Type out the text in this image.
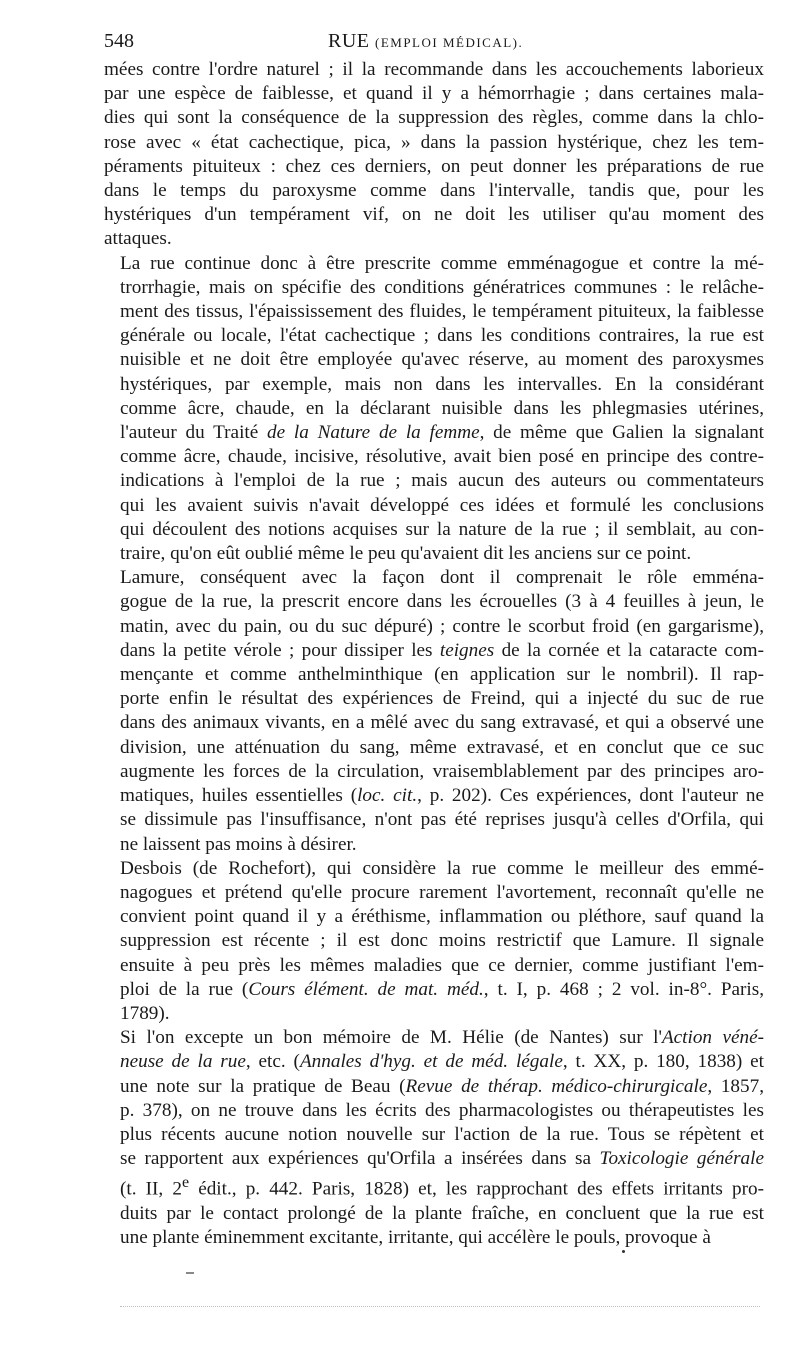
548	RUE (EMPLOI MÉDICAL).

mées contre l'ordre naturel ; il la recommande dans les accouchements laborieux
par une espèce de faiblesse, et quand il y a hémorrhagie ; dans certaines mala-
dies qui sont la conséquence de la suppression des règles, comme dans la chlo-
rose avec « état cachectique, pica, » dans la passion hystérique, chez les tem-
péraments pituiteux : chez ces derniers, on peut donner les préparations de rue
dans le temps du paroxysme comme dans l'intervalle, tandis que, pour les
hystériques d'un tempérament vif, on ne doit les utiliser qu'au moment des
attaques.

La rue continue donc à être prescrite comme emménagogue et contre la mé-
trorrhagie, mais on spécifie des conditions génératrices communes : le relâche-
ment des tissus, l'épaississement des fluides, le tempérament pituiteux, la faiblesse
générale ou locale, l'état cachectique ; dans les conditions contraires, la rue est
nuisible et ne doit être employée qu'avec réserve, au moment des paroxysmes
hystériques, par exemple, mais non dans les intervalles. En la considérant
comme âcre, chaude, en la déclarant nuisible dans les phlegmasies utérines,
l'auteur du Traité de la Nature de la femme, de même que Galien la signalant
comme âcre, chaude, incisive, résolutive, avait bien posé en principe des contre-
indications à l'emploi de la rue ; mais aucun des auteurs ou commentateurs
qui les avaient suivis n'avait développé ces idées et formulé les conclusions
qui découlent des notions acquises sur la nature de la rue ; il semblait, au con-
traire, qu'on eût oublié même le peu qu'avaient dit les anciens sur ce point.

Lamure, conséquent avec la façon dont il comprenait le rôle emména-
gogue de la rue, la prescrit encore dans les écrouelles (3 à 4 feuilles à jeun, le
matin, avec du pain, ou du suc dépuré) ; contre le scorbut froid (en gargarisme),
dans la petite vérole ; pour dissiper les teignes de la cornée et la cataracte com-
mençante et comme anthelminthique (en application sur le nombril). Il rap-
porte enfin le résultat des expériences de Freind, qui a injecté du suc de rue
dans des animaux vivants, en a mêlé avec du sang extravasé, et qui a observé une
division, une atténuation du sang, même extravasé, et en conclut que ce suc
augmente les forces de la circulation, vraisemblablement par des principes aro-
matiques, huiles essentielles (loc. cit., p. 202). Ces expériences, dont l'auteur ne
se dissimule pas l'insuffisance, n'ont pas été reprises jusqu'à celles d'Orfila, qui
ne laissent pas moins à désirer.

Desbois (de Rochefort), qui considère la rue comme le meilleur des emmé-
nagogues et prétend qu'elle procure rarement l'avortement, reconnaît qu'elle ne
convient point quand il y a éréthisme, inflammation ou pléthore, sauf quand la
suppression est récente ; il est donc moins restrictif que Lamure. Il signale
ensuite à peu près les mêmes maladies que ce dernier, comme justifiant l'em-
ploi de la rue (Cours élément. de mat. méd., t. I, p. 468 ; 2 vol. in-8°. Paris,
1789).

Si l'on excepte un bon mémoire de M. Hélie (de Nantes) sur l'Action véné-
neuse de la rue, etc. (Annales d'hyg. et de méd. légale, t. XX, p. 180, 1838) et
une note sur la pratique de Beau (Revue de thérap. médico-chirurgicale, 1857,
p. 378), on ne trouve dans les écrits des pharmacologistes ou thérapeutistes les
plus récents aucune notion nouvelle sur l'action de la rue. Tous se répètent et
se rapportent aux expériences qu'Orfila a insérées dans sa Toxicologie générale
(t. II, 2e édit., p. 442. Paris, 1828) et, les rapprochant des effets irritants pro-
duits par le contact prolongé de la plante fraîche, en concluent que la rue est
une plante éminemment excitante, irritante, qui accélère le pouls, provoque à
